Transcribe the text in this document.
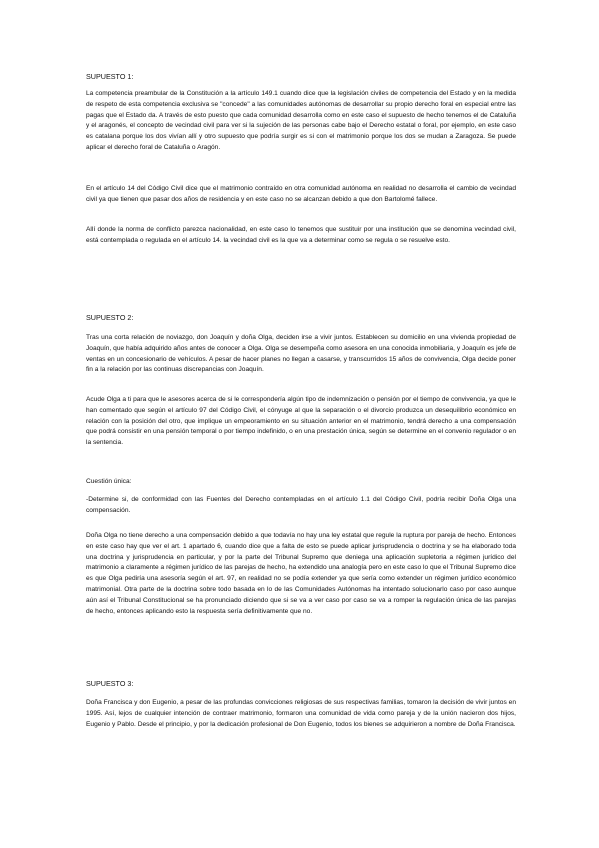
SUPUESTO 1:
La competencia preambular de la Constitución a la artículo 149.1 cuando dice que la legislación civiles de competencia del Estado y en la medida de respeto de esta competencia exclusiva se "concede" a las comunidades autónomas de desarrollar su propio derecho foral en especial entre las pagas que el Estado da. A través de esto puesto que cada comunidad desarrolla como en este caso el supuesto de hecho tenemos el de Cataluña y el aragonés, el concepto de vecindad civil para ver si la sujeción de las personas cabe bajo el Derecho estatal o foral, por ejemplo, en este caso es catalana porque los dos vivían allí y otro supuesto que podría surgir es si con el matrimonio porque los dos se mudan a Zaragoza. Se puede aplicar el derecho foral de Cataluña o Aragón.
En el artículo 14 del Código Civil dice que el matrimonio contraído en otra comunidad autónoma en realidad no desarrolla el cambio de vecindad civil ya que tienen que pasar dos años de residencia y en este caso no se alcanzan debido a que don Bartolomé fallece.
Allí donde la norma de conflicto parezca nacionalidad, en este caso lo tenemos que sustituir por una institución que se denomina vecindad civil, está contemplada o regulada en el artículo 14. la vecindad civil es la que va a determinar como se regula o se resuelve esto.
SUPUESTO 2:
Tras una corta relación de noviazgo, don Joaquín y doña Olga, deciden irse a vivir juntos. Establecen su domicilio en una vivienda propiedad de Joaquín, que había adquirido años antes de conocer a Olga. Olga se desempeña como asesora en una conocida inmobiliaria, y Joaquín es jefe de ventas en un concesionario de vehículos. A pesar de hacer planes no llegan a casarse, y transcurridos 15 años de convivencia, Olga decide poner fin a la relación por las continuas discrepancias con Joaquín.
Acude Olga a ti para que le asesores acerca de si le correspondería algún tipo de indemnización o pensión por el tiempo de convivencia, ya que le han comentado que según el artículo 97 del Código Civil, el cónyuge al que la separación o el divorcio produzca un desequilibrio económico en relación con la posición del otro, que implique un empeoramiento en su situación anterior en el matrimonio, tendrá derecho a una compensación que podrá consistir en una pensión temporal o por tiempo indefinido, o en una prestación única, según se determine en el convenio regulador o en la sentencia.
Cuestión única:
-Determine si, de conformidad con las Fuentes del Derecho contempladas en el artículo 1.1 del Código Civil, podría recibir Doña Olga una compensación.
Doña Olga no tiene derecho a una compensación debido a que todavía no hay una ley estatal que regule la ruptura por pareja de hecho. Entonces en este caso hay que ver el art. 1 apartado 6, cuando dice que a falta de esto se puede aplicar jurisprudencia o doctrina y se ha elaborado toda una doctrina y jurisprudencia en particular, y por la parte del Tribunal Supremo que deniega una aplicación supletoria a régimen jurídico del matrimonio a claramente a régimen jurídico de las parejas de hecho, ha extendido una analogía pero en este caso lo que el Tribunal Supremo dice es que Olga pediría una asesoría según el art. 97, en realidad no se podía extender ya que sería como extender un régimen jurídico económico matrimonial. Otra parte de la doctrina sobre todo basada en lo de las Comunidades Autónomas ha intentado solucionarlo caso por caso aunque aún así el Tribunal Constitucional se ha pronunciado diciendo que si se va a ver caso por caso se va a romper la regulación única de las parejas de hecho, entonces aplicando esto la respuesta sería definitivamente que no.
SUPUESTO 3:
Doña Francisca y don Eugenio, a pesar de las profundas convicciones religiosas de sus respectivas familias, tomaron la decisión de vivir juntos en 1995. Así, lejos de cualquier intención de contraer matrimonio, formaron una comunidad de vida como pareja y de la unión nacieron dos hijos, Eugenio y Pablo. Desde el principio, y por la dedicación profesional de Don Eugenio, todos los bienes se adquirieron a nombre de Doña Francisca.
